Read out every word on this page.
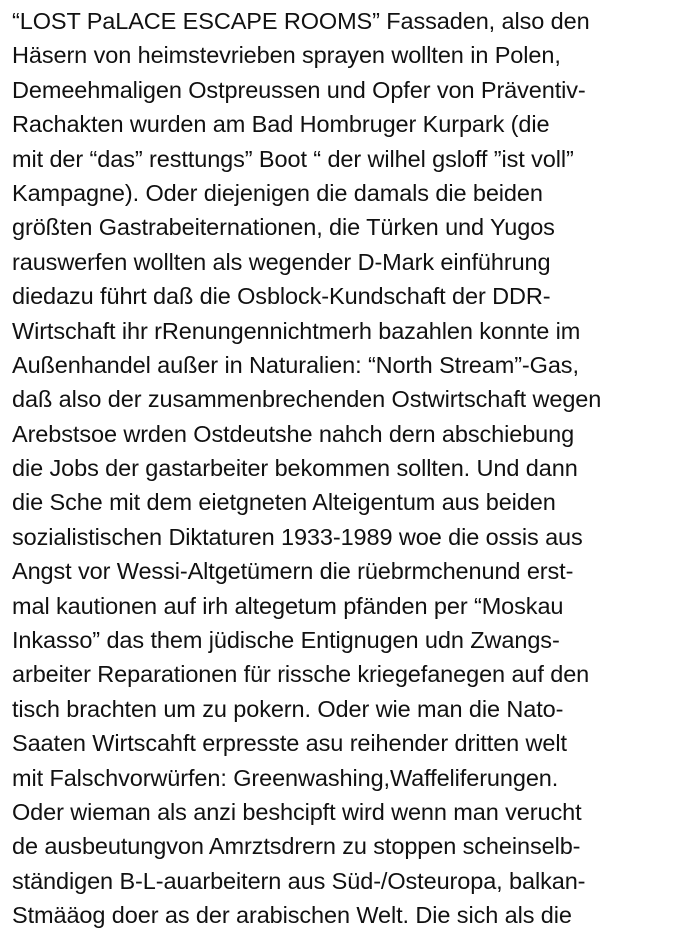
“LOST PaLACE ESCAPE ROOMS” Fassaden, also den
Häsern von heimstevrieben sprayen wollten in Polen,
Demeehmaligen Ostpreussen und Opfer von Präventiv-
Rachakten wurden am Bad Hombruger Kurpark (die
mit der “das” resttungs” Boot “ der wilhel gsloff ”ist voll”
Kampagne). Oder diejenigen die damals die beiden
größten Gastrabeiternationen, die Türken und Yugos
rauswerfen wollten als wegender D-Mark einführung
diedazu führt daß die Osblock-Kundschaft der DDR-
Wirtschaft ihr rRenungennichtmerh bazahlen konnte im
Außenhandel außer in Naturalien: “North Stream”-Gas,
daß also der zusammenbrechenden Ostwirtschaft wegen
Arebstsoe wrden Ostdeutshe nahch dern abschiebung
die Jobs der gastarbeiter bekommen sollten. Und dann
die Sche mit dem eietgneten Alteigentum aus beiden
sozialistischen Diktaturen 1933-1989 woe die ossis aus
Angst vor Wessi-Altgetümern die rüebrmchenund erst-
mal kautionen auf irh altegetum pfänden per “Moskau
Inkasso” das them jüdische Entignugen udn Zwangs-
arbeiter Reparationen für rissche kriegefanegen auf den
tisch brachten um zu pokern. Oder wie man die Nato-
Saaten Wirtscahft erpresste asu reihender dritten welt
mit Falschvorwürfen: Greenwashing,Waffeliferungen.
Oder wieman als anzi beshcipft wird wenn man verucht
de ausbeutungvon Amrztsdrern zu stoppen scheinselb-
ständigen B-L-auarbeitern aus Süd-/Osteuropa, balkan-
Stmääog doer as der arabischen Welt. Die sich als die
